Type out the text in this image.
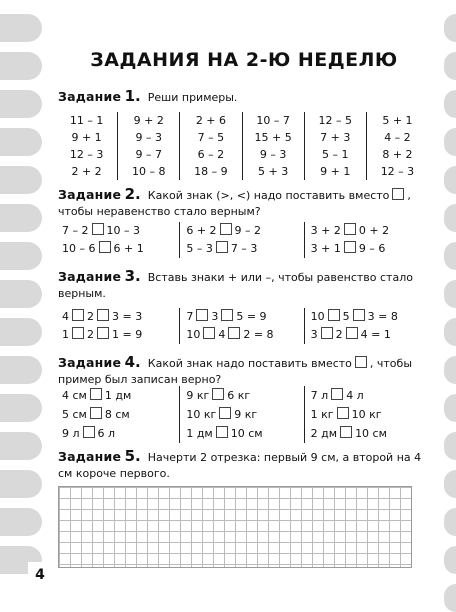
ЗАДАНИЯ НА 2-Ю НЕДЕЛЮ
Задание 1. Реши примеры.
11 – 1
9 + 1
12 – 3
2 + 2
9 + 2
9 – 3
9 – 7
10 – 8
2 + 6
7 – 5
6 – 2
18 – 9
10 – 7
15 + 5
9 – 3
5 + 3
12 – 5
7 + 3
5 – 1
9 + 1
5 + 1
4 – 2
8 + 2
12 – 3
Задание 2. Какой знак (>, <) надо поставить вместо , чтобы неравенство стало верным?
7 – 2 10 – 3
10 – 6 6 + 1
6 + 2 9 – 2
5 – 3 7 – 3
3 + 2 0 + 2
3 + 1 9 – 6
Задание 3. Вставь знаки + или –, чтобы равенство стало верным.
4 2 3 = 3
1 2 1 = 9
7 3 5 = 9
10 4 2 = 8
10 5 3 = 8
3 2 4 = 1
Задание 4. Какой знак надо поставить вместо , чтобы пример был записан верно?
4 см 1 дм
5 см 8 см
9 л 6 л
9 кг 6 кг
10 кг 9 кг
1 дм 10 см
7 л 4 л
1 кг 10 кг
2 дм 10 см
Задание 5. Начерти 2 отрезка: первый 9 см, а второй на 4 см короче первого.
4
